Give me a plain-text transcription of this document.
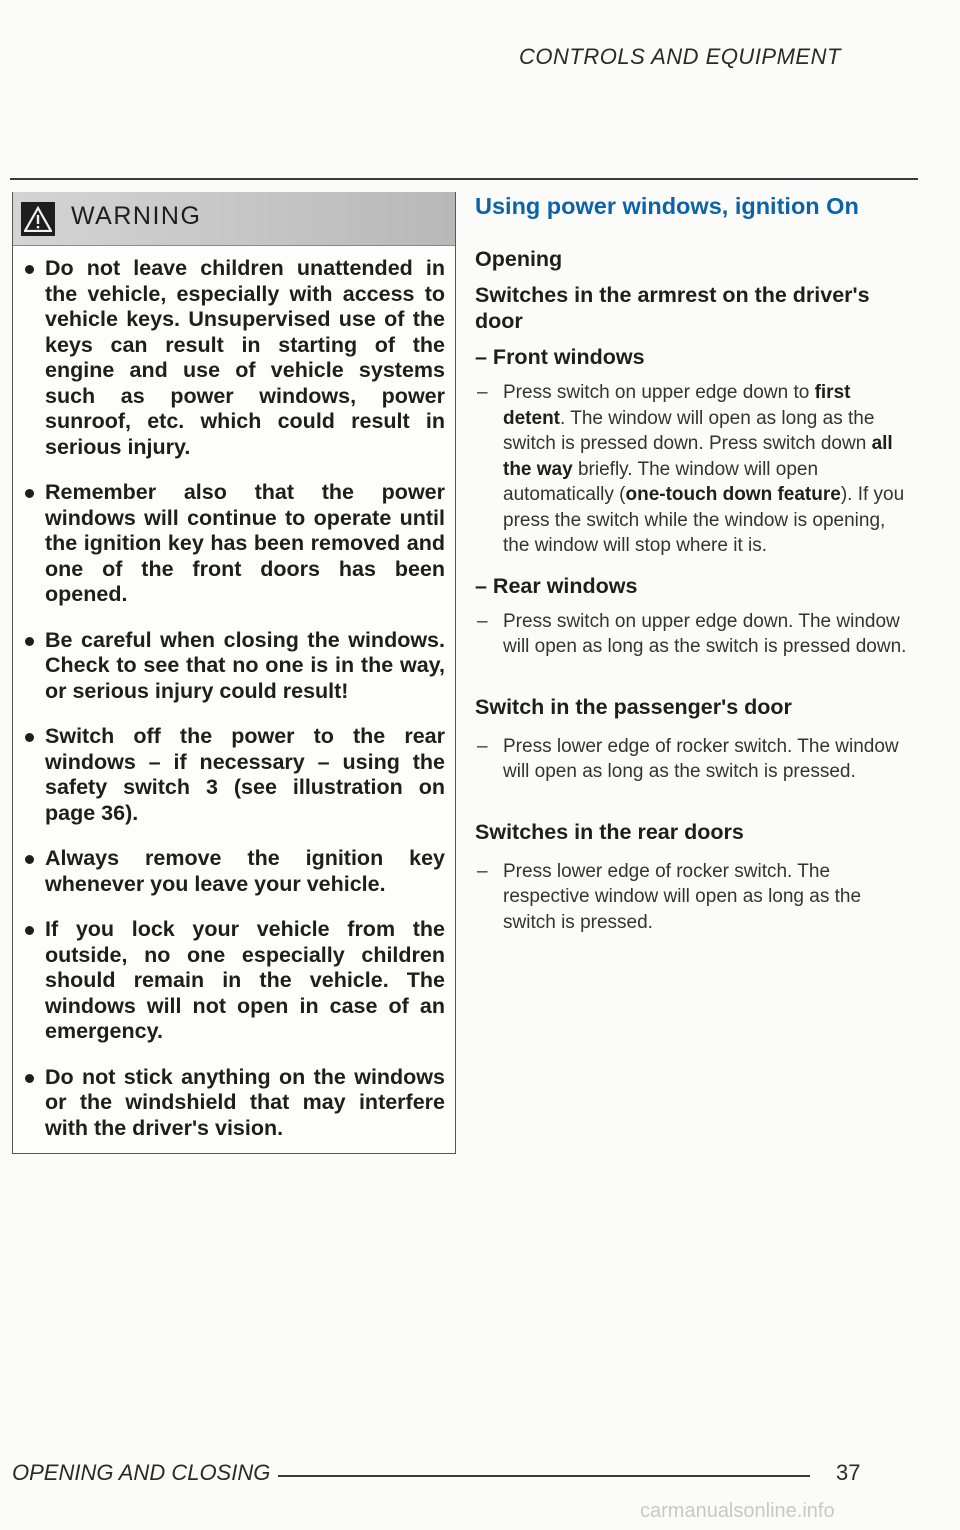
CONTROLS AND EQUIPMENT
WARNING

Do not leave children unattended in the vehicle, especially with access to vehicle keys. Unsupervised use of the keys can result in starting of the engine and use of vehicle systems such as power windows, power sunroof, etc. which could result in serious injury.

Remember also that the power windows will continue to operate until the ignition key has been removed and one of the front doors has been opened.

Be careful when closing the windows. Check to see that no one is in the way, or serious injury could result!

Switch off the power to the rear windows – if necessary – using the safety switch 3 (see illustration on page 36).

Always remove the ignition key whenever you leave your vehicle.

If you lock your vehicle from the outside, no one especially children should remain in the vehicle. The windows will not open in case of an emergency.

Do not stick anything on the windows or the windshield that may interfere with the driver's vision.

Using power windows, ignition On
Opening
Switches in the armrest on the driver's door
– Front windows

– Press switch on upper edge down to first detent. The window will open as long as the switch is pressed down. Press switch down all the way briefly. The window will open automatically (one-touch down feature). If you press the switch while the window is opening, the window will stop where it is.

– Rear windows

– Press switch on upper edge down. The window will open as long as the switch is pressed down.

Switch in the passenger's door

– Press lower edge of rocker switch. The window will open as long as the switch is pressed.

Switches in the rear doors

– Press lower edge of rocker switch. The respective window will open as long as the switch is pressed.

OPENING AND CLOSING	37
carmanualsonline.info
